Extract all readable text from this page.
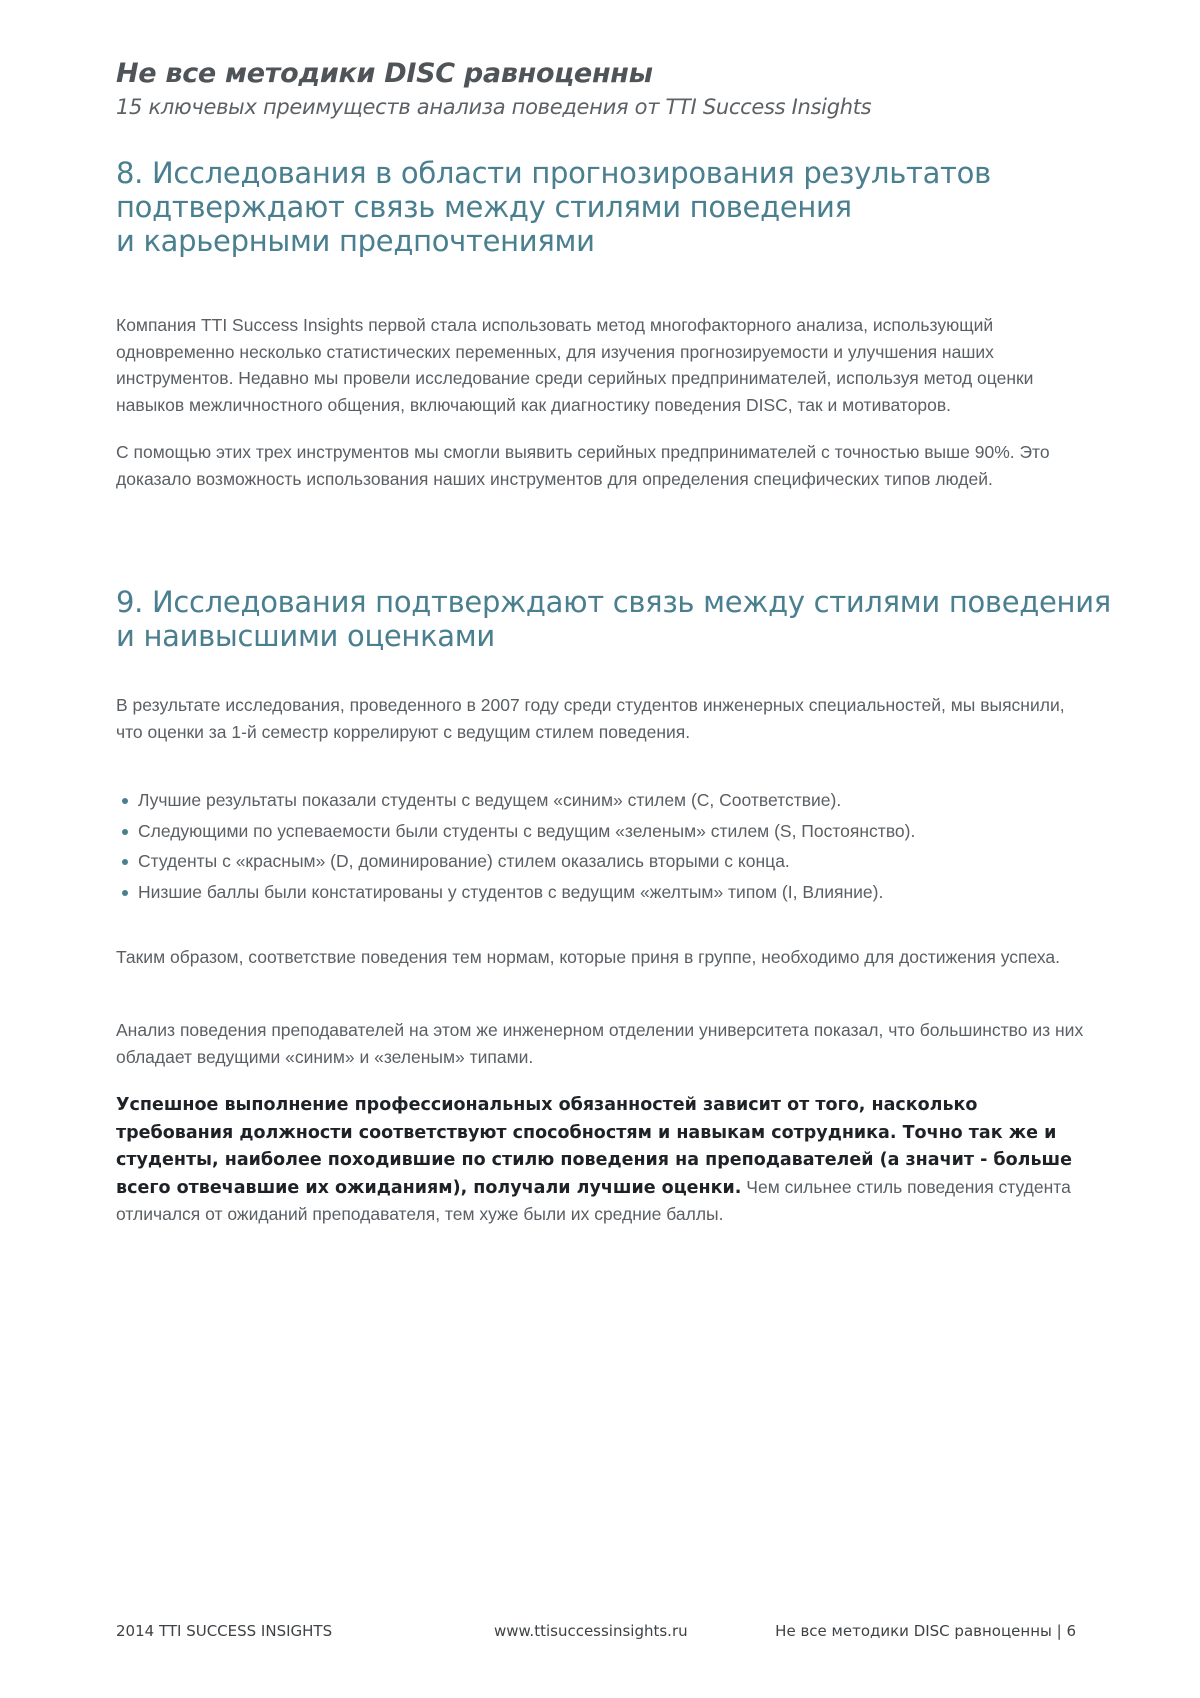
Не все методики DISC равноценны

15 ключевых преимуществ анализа поведения от TTI Success Insights

8. Исследования в области прогнозирования результатов
подтверждают связь между стилями поведения
и карьерными предпочтениями

Компания TTI Success Insights первой стала использовать метод многофакторного анализа, использующий одновременно несколько статистических переменных, для изучения прогнозируемости и улучшения наших инструментов. Недавно мы провели исследование среди серийных предпринимателей, используя метод оценки навыков межличностного общения, включающий как диагностику поведения DISC, так и мотиваторов.

С помощью этих трех инструментов мы смогли выявить серийных предпринимателей с точностью выше 90%. Это доказало возможность использования наших инструментов для определения специфических типов людей.

9. Исследования подтверждают связь между стилями поведения
и наивысшими оценками

В результате исследования, проведенного в 2007 году среди студентов инженерных специальностей, мы выяснили, что оценки за 1-й семестр коррелируют с ведущим стилем поведения.

Лучшие результаты показали студенты с ведущем «синим» стилем (С, Соответствие).
Следующими по успеваемости были студенты с ведущим «зеленым» стилем (S, Постоянство).
Студенты с «красным» (D, доминирование) стилем оказались вторыми с конца.
Низшие баллы были констатированы у студентов с ведущим «желтым» типом (I, Влияние).

Таким образом, соответствие поведения тем нормам, которые приня в группе, необходимо для достижения успеха.

Анализ поведения преподавателей на этом же инженерном отделении университета показал, что большинство из них обладает ведущими «синим» и «зеленым» типами.

Успешное выполнение профессиональных обязанностей зависит от того, насколько требования должности соответствуют способностям и навыкам сотрудника. Точно так же и студенты, наиболее походившие по стилю поведения на преподавателей (а значит - больше всего отвечавшие их ожиданиям), получали лучшие оценки. Чем сильнее стиль поведения студента отличался от ожиданий преподавателя, тем хуже были их средние баллы.

2014 TTI SUCCESS INSIGHTS	www.ttisuccessinsights.ru	Не все методики DISC равноценны | 6
